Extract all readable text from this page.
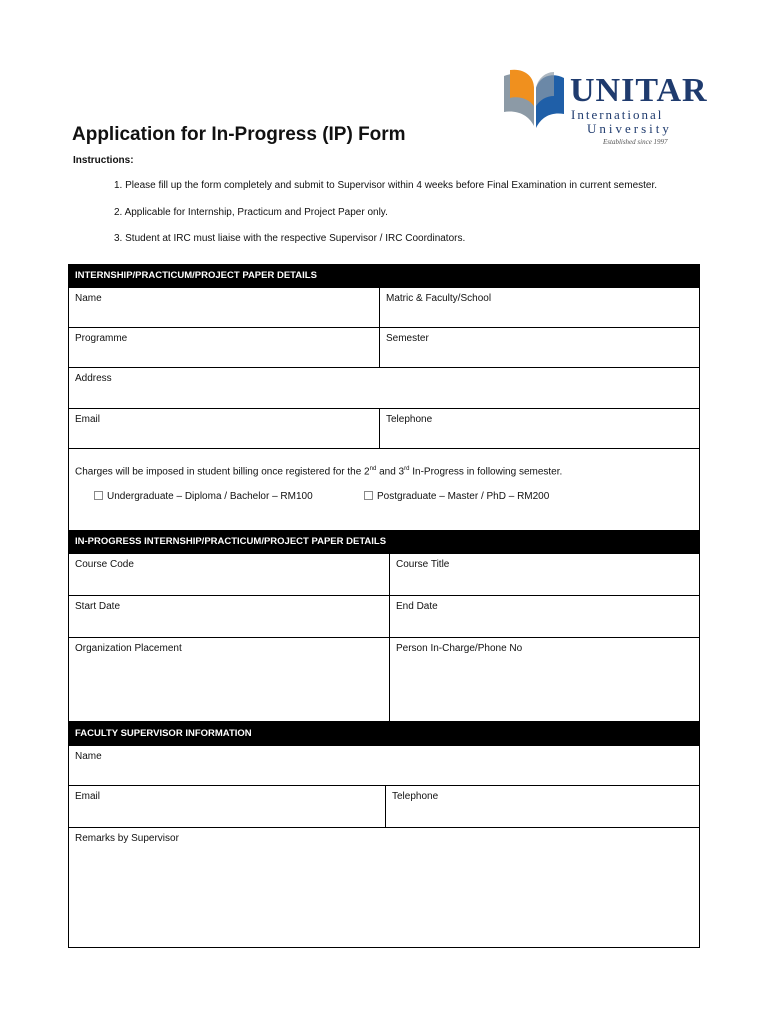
UNITAR
International
University
Established since 1997
Application for In-Progress (IP) Form
Instructions:
1. Please fill up the form completely and submit to Supervisor within 4 weeks before Final Examination in current semester.
2. Applicable for Internship, Practicum and Project Paper only.
3. Student at IRC must liaise with the respective Supervisor / IRC Coordinators.
INTERNSHIP/PRACTICUM/PROJECT PAPER DETAILS
Name	Matric & Faculty/School
Programme	Semester
Address
Email	Telephone
Charges will be imposed in student billing once registered for the 2nd and 3rd In-Progress in following semester.
Undergraduate – Diploma / Bachelor – RM100	Postgraduate – Master / PhD – RM200
IN-PROGRESS INTERNSHIP/PRACTICUM/PROJECT PAPER DETAILS
Course Code	Course Title
Start Date	End Date
Organization Placement	Person In-Charge/Phone No
FACULTY SUPERVISOR INFORMATION
Name
Email	Telephone
Remarks by Supervisor
